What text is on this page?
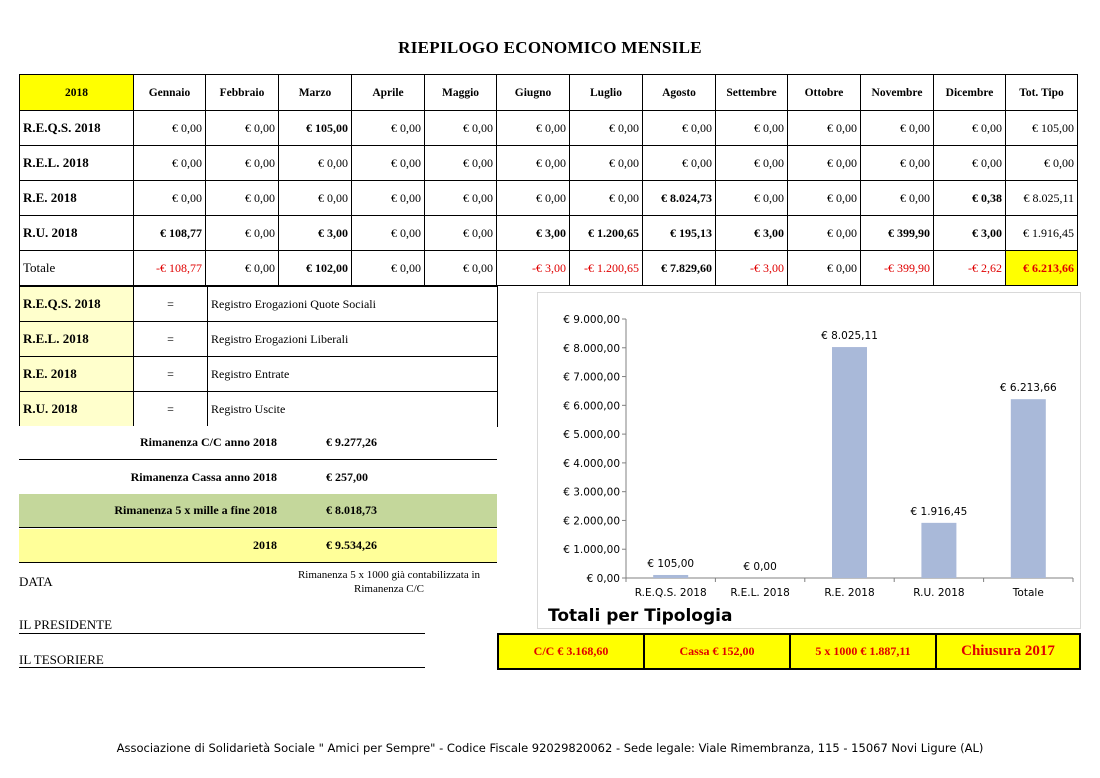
RIEPILOGO ECONOMICO MENSILE
2018	Gennaio	Febbraio	Marzo	Aprile	Maggio	Giugno	Luglio	Agosto	Settembre	Ottobre	Novembre	Dicembre	Tot. Tipo
R.E.Q.S. 2018	€ 0,00	€ 0,00	€ 105,00	€ 0,00	€ 0,00	€ 0,00	€ 0,00	€ 0,00	€ 0,00	€ 0,00	€ 0,00	€ 0,00	€ 105,00
R.E.L. 2018	€ 0,00	€ 0,00	€ 0,00	€ 0,00	€ 0,00	€ 0,00	€ 0,00	€ 0,00	€ 0,00	€ 0,00	€ 0,00	€ 0,00	€ 0,00
R.E. 2018	€ 0,00	€ 0,00	€ 0,00	€ 0,00	€ 0,00	€ 0,00	€ 0,00	€ 8.024,73	€ 0,00	€ 0,00	€ 0,00	€ 0,38	€ 8.025,11
R.U. 2018	€ 108,77	€ 0,00	€ 3,00	€ 0,00	€ 0,00	€ 3,00	€ 1.200,65	€ 195,13	€ 3,00	€ 0,00	€ 399,90	€ 3,00	€ 1.916,45
Totale	-€ 108,77	€ 0,00	€ 102,00	€ 0,00	€ 0,00	-€ 3,00	-€ 1.200,65	€ 7.829,60	-€ 3,00	€ 0,00	-€ 399,90	-€ 2,62	€ 6.213,66
R.E.Q.S. 2018	=	Registro Erogazioni Quote Sociali
R.E.L. 2018	=	Registro Erogazioni Liberali
R.E. 2018	=	Registro Entrate
R.U. 2018	=	Registro Uscite
Rimanenza C/C anno 2018	€ 9.277,26
Rimanenza Cassa anno 2018	€ 257,00
Rimanenza 5 x mille a fine 2018	€ 8.018,73
2018	€ 9.534,26
DATA	Rimanenza 5 x 1000 già contabilizzata in Rimanenza C/C
IL PRESIDENTE
IL TESORIERE
€ 0,00
€ 1.000,00
€ 2.000,00
€ 3.000,00
€ 4.000,00
€ 5.000,00
€ 6.000,00
€ 7.000,00
€ 8.000,00
€ 9.000,00
€ 105,00
R.E.Q.S. 2018
€ 0,00
R.E.L. 2018
€ 8.025,11
R.E. 2018
€ 1.916,45
R.U. 2018
€ 6.213,66
Totale
Totali per Tipologia
C/C € 3.168,60	Cassa € 152,00	5 x 1000 € 1.887,11	Chiusura 2017
Associazione di Solidarietà Sociale " Amici per Sempre" - Codice Fiscale 92029820062 - Sede legale: Viale Rimembranza, 115 - 15067 Novi Ligure (AL)
